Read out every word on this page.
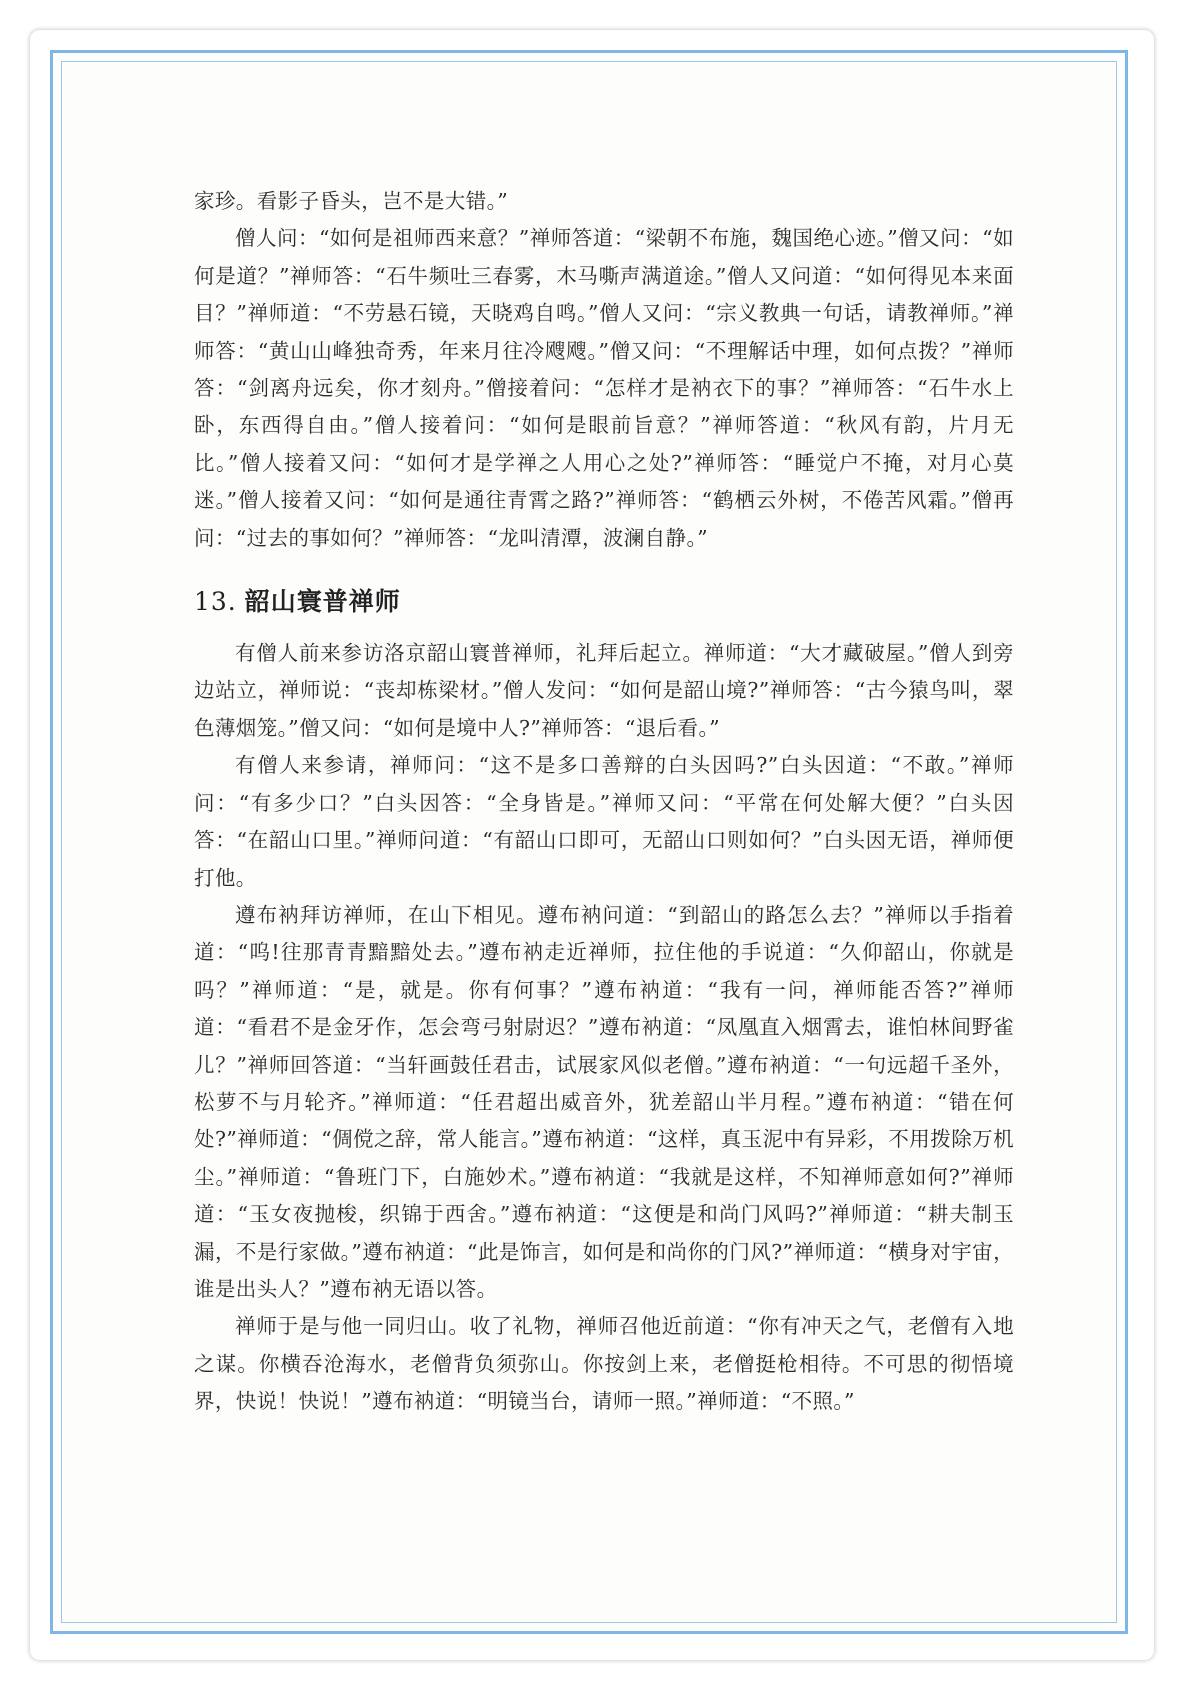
家珍。看影子昏头，岂不是大错。”

僧人问：“如何是祖师西来意？”禅师答道：“梁朝不布施，魏国绝心迹。”僧又问：“如何是道？”禅师答：“石牛频吐三春雾，木马嘶声满道途。”僧人又问道：“如何得见本来面目？”禅师道：“不劳悬石镜，天晓鸡自鸣。”僧人又问：“宗义教典一句话，请教禅师。”禅师答：“黄山山峰独奇秀，年来月往冷飕飕。”僧又问：“不理解话中理，如何点拨？”禅师答：“剑离舟远矣，你才刻舟。”僧接着问：“怎样才是衲衣下的事？”禅师答：“石牛水上卧，东西得自由。”僧人接着问：“如何是眼前旨意？”禅师答道：“秋风有韵，片月无比。”僧人接着又问：“如何才是学禅之人用心之处?”禅师答：“睡觉户不掩，对月心莫迷。”僧人接着又问：“如何是通往青霄之路?”禅师答：“鹤栖云外树，不倦苦风霜。”僧再问：“过去的事如何？”禅师答：“龙叫清潭，波澜自静。”

13. 韶山寰普禅师

有僧人前来参访洛京韶山寰普禅师，礼拜后起立。禅师道：“大才藏破屋。”僧人到旁边站立，禅师说：“丧却栋梁材。”僧人发问：“如何是韶山境?”禅师答：“古今猿鸟叫，翠色薄烟笼。”僧又问：“如何是境中人?”禅师答：“退后看。”

有僧人来参请，禅师问：“这不是多口善辩的白头因吗?”白头因道：“不敢。”禅师问：“有多少口？”白头因答：“全身皆是。”禅师又问：“平常在何处解大便？”白头因答：“在韶山口里。”禅师问道：“有韶山口即可，无韶山口则如何？”白头因无语，禅师便打他。

遵布衲拜访禅师，在山下相见。遵布衲问道：“到韶山的路怎么去？”禅师以手指着道：“呜!往那青青黯黯处去。”遵布衲走近禅师，拉住他的手说道：“久仰韶山，你就是吗？”禅师道：“是，就是。你有何事？”遵布衲道：“我有一问，禅师能否答?”禅师道：“看君不是金牙作，怎会弯弓射尉迟？”遵布衲道：“凤凰直入烟霄去，谁怕林间野雀儿？”禅师回答道：“当轩画鼓任君击，试展家风似老僧。”遵布衲道：“一句远超千圣外，松萝不与月轮齐。”禅师道：“任君超出威音外，犹差韶山半月程。”遵布衲道：“错在何处?”禅师道：“倜傥之辞，常人能言。”遵布衲道：“这样，真玉泥中有异彩，不用拨除万机尘。”禅师道：“鲁班门下，白施妙术。”遵布衲道：“我就是这样，不知禅师意如何?”禅师道：“玉女夜抛梭，织锦于西舍。”遵布衲道：“这便是和尚门风吗?”禅师道：“耕夫制玉漏，不是行家做。”遵布衲道：“此是饰言，如何是和尚你的门风?”禅师道：“横身对宇宙，谁是出头人？”遵布衲无语以答。

禅师于是与他一同归山。收了礼物，禅师召他近前道：“你有冲天之气，老僧有入地之谋。你横吞沧海水，老僧背负须弥山。你按剑上来，老僧挺枪相待。不可思的彻悟境界，快说！快说！”遵布衲道：“明镜当台，请师一照。”禅师道：“不照。”
